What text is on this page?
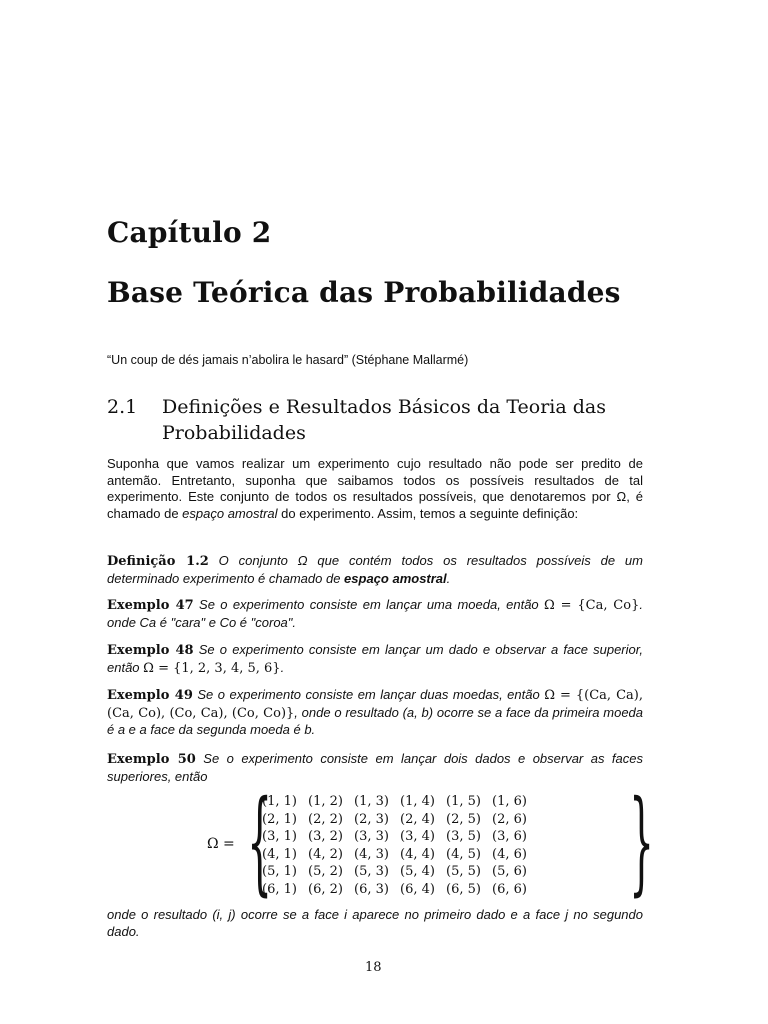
Capítulo 2
Base Teórica das Probabilidades
“Un coup de dés jamais n’abolira le hasard” (Stéphane Mallarmé)
2.1 Definições e Resultados Básicos da Teoria das Probabilidades

Suponha que vamos realizar um experimento cujo resultado não pode ser predito de antemão. Entretanto, suponha que saibamos todos os possíveis resultados de tal experimento. Este conjunto de todos os resultados possíveis, que denotaremos por Ω, é chamado de espaço amostral do experimento. Assim, temos a seguinte definição:

Definição 1.2 O conjunto Ω que contém todos os resultados possíveis de um determinado experimento é chamado de espaço amostral.

Exemplo 47 Se o experimento consiste em lançar uma moeda, então Ω = {Ca, Co}. onde Ca é "cara" e Co é "coroa".

Exemplo 48 Se o experimento consiste em lançar um dado e observar a face superior, então Ω = {1, 2, 3, 4, 5, 6}.

Exemplo 49 Se o experimento consiste em lançar duas moedas, então Ω = {(Ca, Ca), (Ca, Co), (Co, Ca), (Co, Co)}, onde o resultado (a, b) ocorre se a face da primeira moeda é a e a face da segunda moeda é b.

Exemplo 50 Se o experimento consiste em lançar dois dados e observar as faces superiores, então

Ω = {
(1, 1) (1, 2) (1, 3) (1, 4) (1, 5) (1, 6)
(2, 1) (2, 2) (2, 3) (2, 4) (2, 5) (2, 6)
(3, 1) (3, 2) (3, 3) (3, 4) (3, 5) (3, 6)
(4, 1) (4, 2) (4, 3) (4, 4) (4, 5) (4, 6)
(5, 1) (5, 2) (5, 3) (5, 4) (5, 5) (5, 6)
(6, 1) (6, 2) (6, 3) (6, 4) (6, 5) (6, 6) }

onde o resultado (i, j) ocorre se a face i aparece no primeiro dado e a face j no segundo dado.

18
